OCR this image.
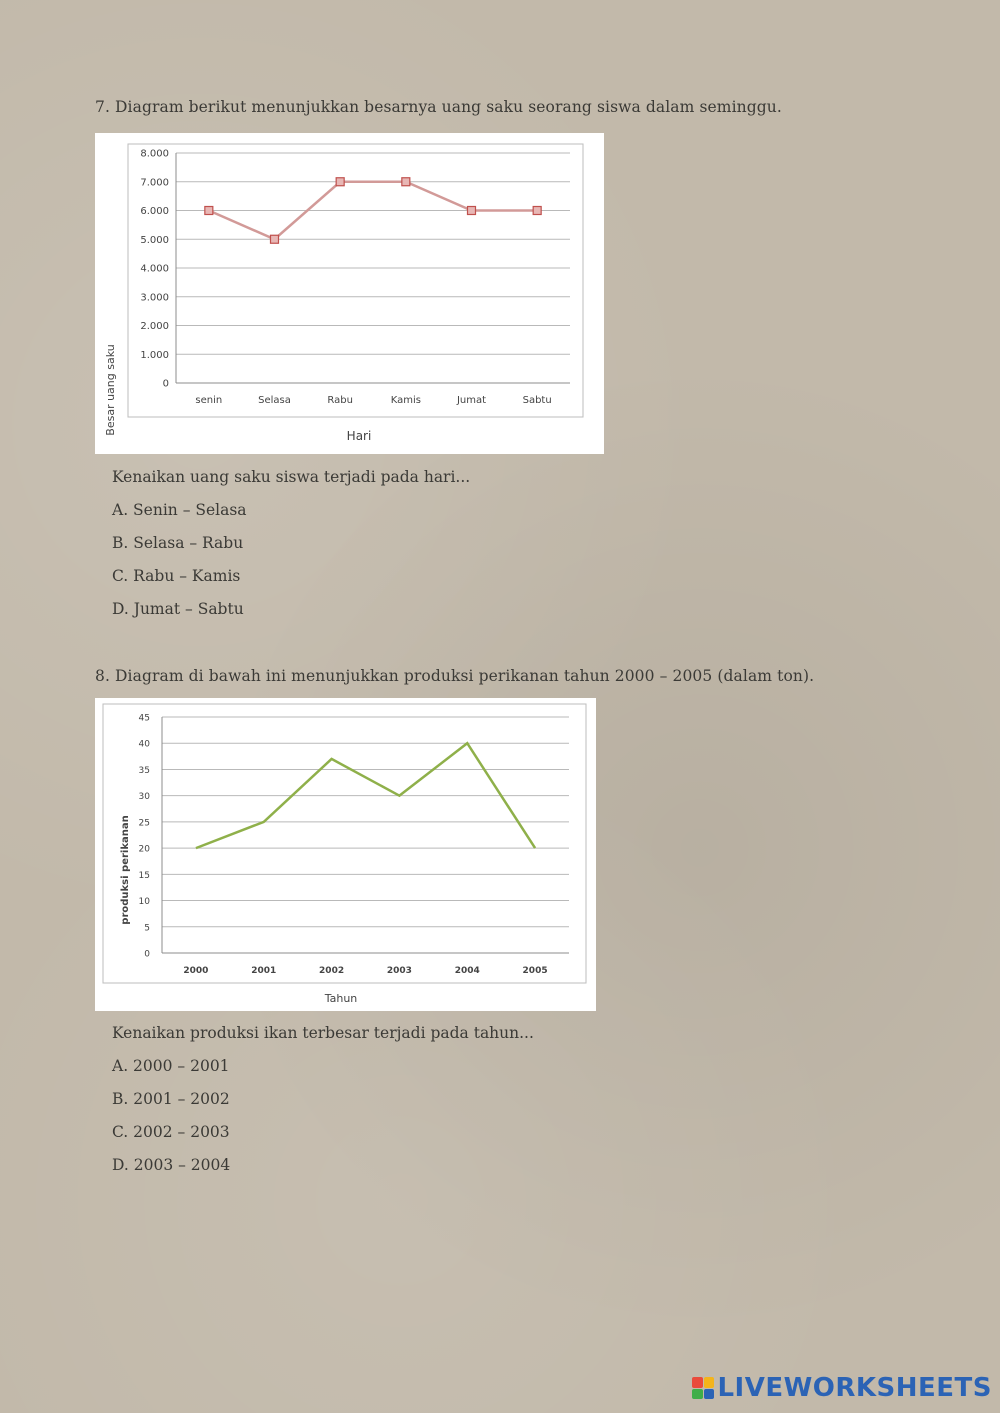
7. Diagram berikut menunjukkan besarnya uang saku seorang siswa dalam seminggu.
0
1.000
2.000
3.000
4.000
5.000
6.000
7.000
8.000
senin	Selasa	Rabu	Kamis	Jumat	Sabtu
Besar uang saku
Hari
Kenaikan uang saku siswa terjadi pada hari...
A. Senin – Selasa
B. Selasa – Rabu
C. Rabu – Kamis
D. Jumat – Sabtu
8. Diagram di bawah ini menunjukkan produksi perikanan tahun 2000 – 2005 (dalam ton).
0
5
10
15
20
25
30
35
40
45
2000	2001	2002	2003	2004	2005
produksi perikanan
Tahun
Kenaikan produksi ikan terbesar terjadi pada tahun...
A. 2000 – 2001
B. 2001 – 2002
C. 2002 – 2003
D. 2003 – 2004
LIVEWORKSHEETS
